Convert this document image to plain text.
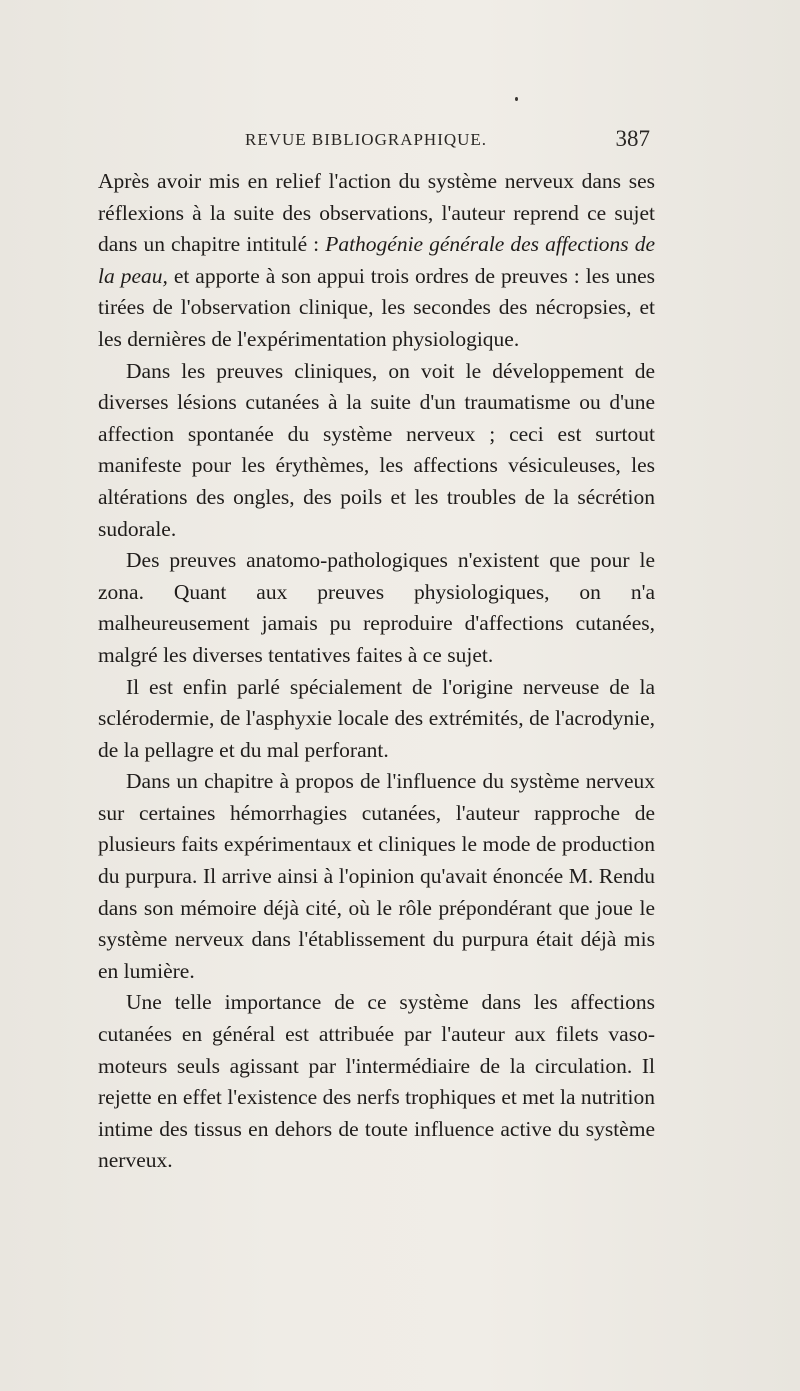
REVUE BIBLIOGRAPHIQUE.	387

Après avoir mis en relief l'action du système nerveux dans ses réflexions à la suite des observations, l'auteur reprend ce sujet dans un chapitre intitulé : Pathogénie générale des affections de la peau, et apporte à son appui trois ordres de preuves : les unes tirées de l'observation clinique, les secondes des nécropsies, et les dernières de l'expérimentation physiologique.

Dans les preuves cliniques, on voit le développement de diverses lésions cutanées à la suite d'un traumatisme ou d'une affection spontanée du système nerveux ; ceci est surtout manifeste pour les érythèmes, les affections vésiculeuses, les altérations des ongles, des poils et les troubles de la sécrétion sudorale.

Des preuves anatomo-pathologiques n'existent que pour le zona. Quant aux preuves physiologiques, on n'a malheureusement jamais pu reproduire d'affections cutanées, malgré les diverses tentatives faites à ce sujet.

Il est enfin parlé spécialement de l'origine nerveuse de la sclérodermie, de l'asphyxie locale des extrémités, de l'acrodynie, de la pellagre et du mal perforant.

Dans un chapitre à propos de l'influence du système nerveux sur certaines hémorrhagies cutanées, l'auteur rapproche de plusieurs faits expérimentaux et cliniques le mode de production du purpura. Il arrive ainsi à l'opinion qu'avait énoncée M. Rendu dans son mémoire déjà cité, où le rôle prépondérant que joue le système nerveux dans l'établissement du purpura était déjà mis en lumière.

Une telle importance de ce système dans les affections cutanées en général est attribuée par l'auteur aux filets vaso-moteurs seuls agissant par l'intermédiaire de la circulation. Il rejette en effet l'existence des nerfs trophiques et met la nutrition intime des tissus en dehors de toute influence active du système nerveux.
